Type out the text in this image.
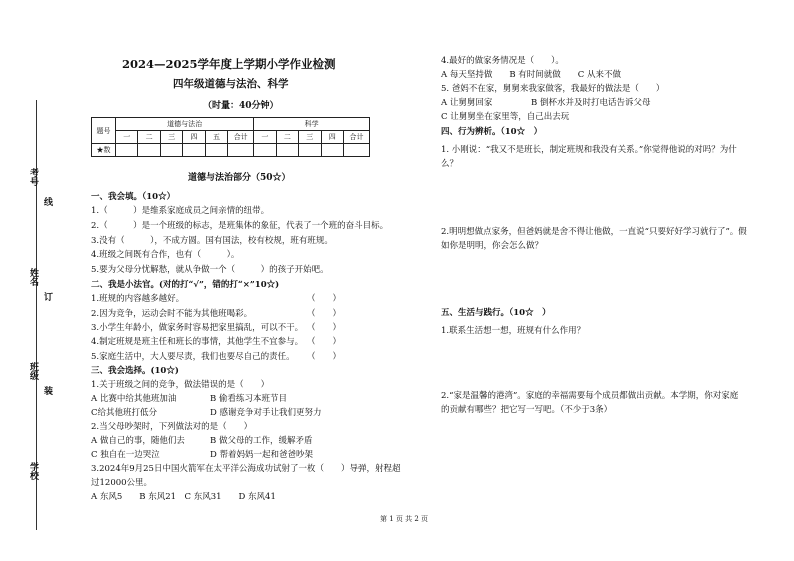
考号
线
姓名
订
班级
装
学校
2024—2025学年度上学期小学作业检测
四年级道德与法治、科学
（时量：40分钟）
题号	道德与法治						科学				
	一	二	三	四	五	合计	一	二	三	四	合计
★数											
道德与法治部分（50☆）
一、我会填。（10☆）
1.（　　　）是维系家庭成员之间亲情的纽带。
2.（　　　）是一个班级的标志，是班集体的象征，代表了一个班的奋斗目标。
3.没有（　　　），不成方圆。国有国法，校有校规，班有班规。
4.班级之间既有合作，也有（　　　）。
5.要为父母分忧解愁，就从争做一个（　　　）的孩子开始吧。
二、我是小法官。(对的打“√”，错的打“×”10☆)
1.班规的内容越多越好。	（　　）
2.因为竞争，运动会时不能为其他班喝彩。	（　　）
3.小学生年龄小，做家务时容易把家里搞乱，可以不干。 （　　）
4.制定班规是班主任和班长的事情，其他学生不宜参与。 （　　）
5.家庭生活中，大人要尽责，我们也要尽自己的责任。 （　　）
三、我会选择。(10☆)
1.关于班级之间的竞争，做法错误的是（　　）
A 比赛中给其他班加油	B 偷看练习本班节目
C给其他班打低分	D 感谢竞争对手让我们更努力
2.当父母吵架时，下列做法对的是（　　）
A 做自己的事，随他们去	B 做父母的工作，缓解矛盾
C 独自在一边哭泣	D 帮着妈妈一起和爸爸吵架
3.2024年9月25日中国火箭军在太平洋公海成功试射了一枚（　　）导弹，射程超
过12000公里。
A 东风5　　B 东风21　C 东风31　　D 东风41
4.最好的做家务情况是（　　）。
A 每天坚持做　　B 有时间就做　　C 从来不做
5. 爸妈不在家，舅舅来我家做客，我最好的做法是（　　）
A 让舅舅回家	B 倒杯水并及时打电话告诉父母
C 让舅舅坐在家里等，自己出去玩
四、行为辨析。（10☆　）
1. 小刚说：“我又不是班长，制定班规和我没有关系。”你觉得他说的对吗？为什
么？
2.明明想做点家务，但爸妈就是舍不得让他做，一直说“只要好好学习就行了”。假
如你是明明，你会怎么做？
五、生活与践行。（10☆　）
1.联系生活想一想，班规有什么作用？
2.“家是温馨的港湾”。家庭的幸福需要每个成员都做出贡献。本学期，你对家庭
的贡献有哪些？把它写一写吧。（不少于3条）
第 1 页 共 2 页
